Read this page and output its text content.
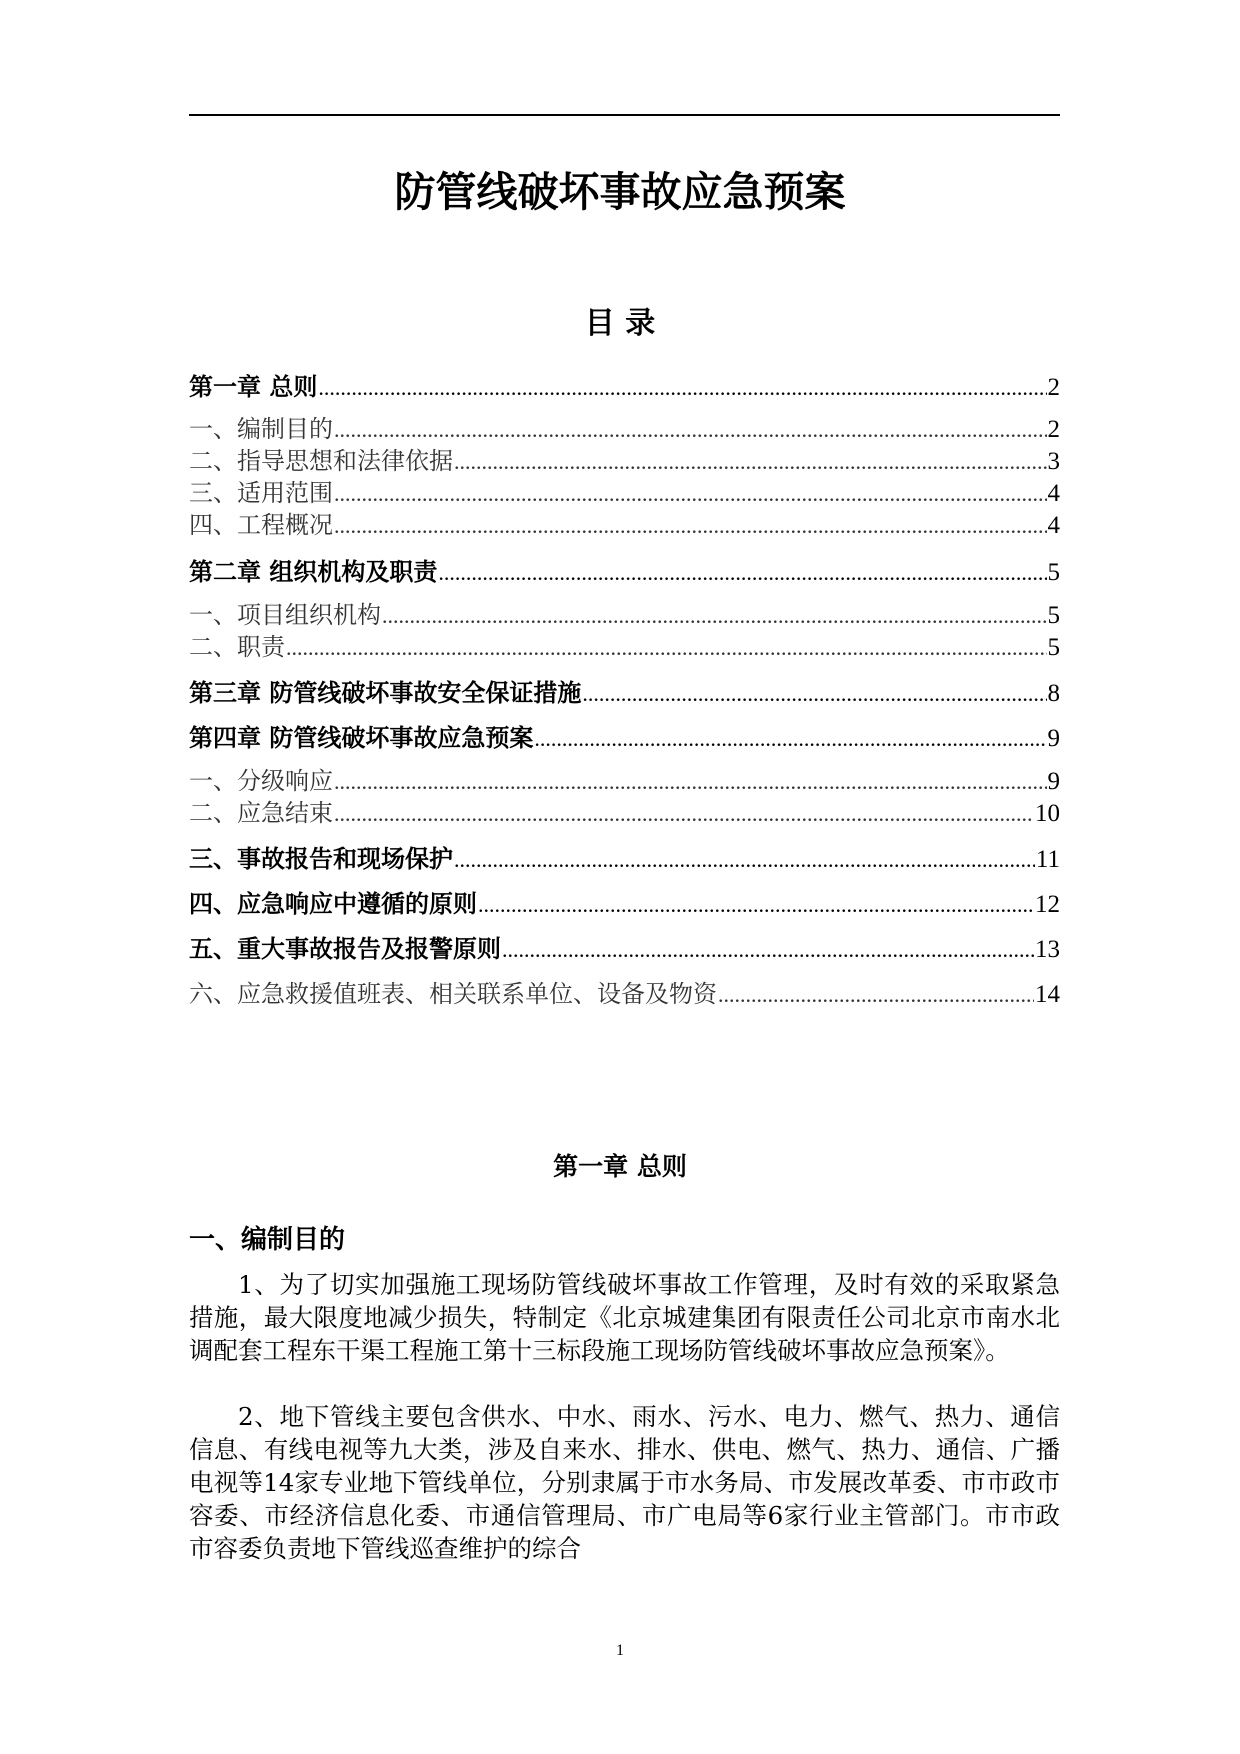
防管线破坏事故应急预案
目 录
第一章 总则 .....	2
一、编制目的 .....	2
二、指导思想和法律依据 .....	3
三、适用范围 .....	4
四、工程概况 .....	4
第二章 组织机构及职责 .....	5
一、项目组织机构 .....	5
二、职责 .....	5
第三章 防管线破坏事故安全保证措施 .....	8
第四章 防管线破坏事故应急预案 .....	9
一、分级响应 .....	9
二、应急结束 .....	10
三、事故报告和现场保护 .....	11
四、应急响应中遵循的原则 .....	12
五、重大事故报告及报警原则 .....	13
六、应急救援值班表、相关联系单位、设备及物资 .....	14
第一章 总则
一、编制目的

1、为了切实加强施工现场防管线破坏事故工作管理，及时有效的采取紧急措施，最大限度地减少损失，特制定《北京城建集团有限责任公司北京市南水北调配套工程东干渠工程施工第十三标段施工现场防管线破坏事故应急预案》。

2、地下管线主要包含供水、中水、雨水、污水、电力、燃气、热力、通信信息、有线电视等九大类，涉及自来水、排水、供电、燃气、热力、通信、广播电视等14家专业地下管线单位，分别隶属于市水务局、市发展改革委、市市政市容委、市经济信息化委、市通信管理局、市广电局等6家行业主管部门。市市政市容委负责地下管线巡查维护的综合

1
